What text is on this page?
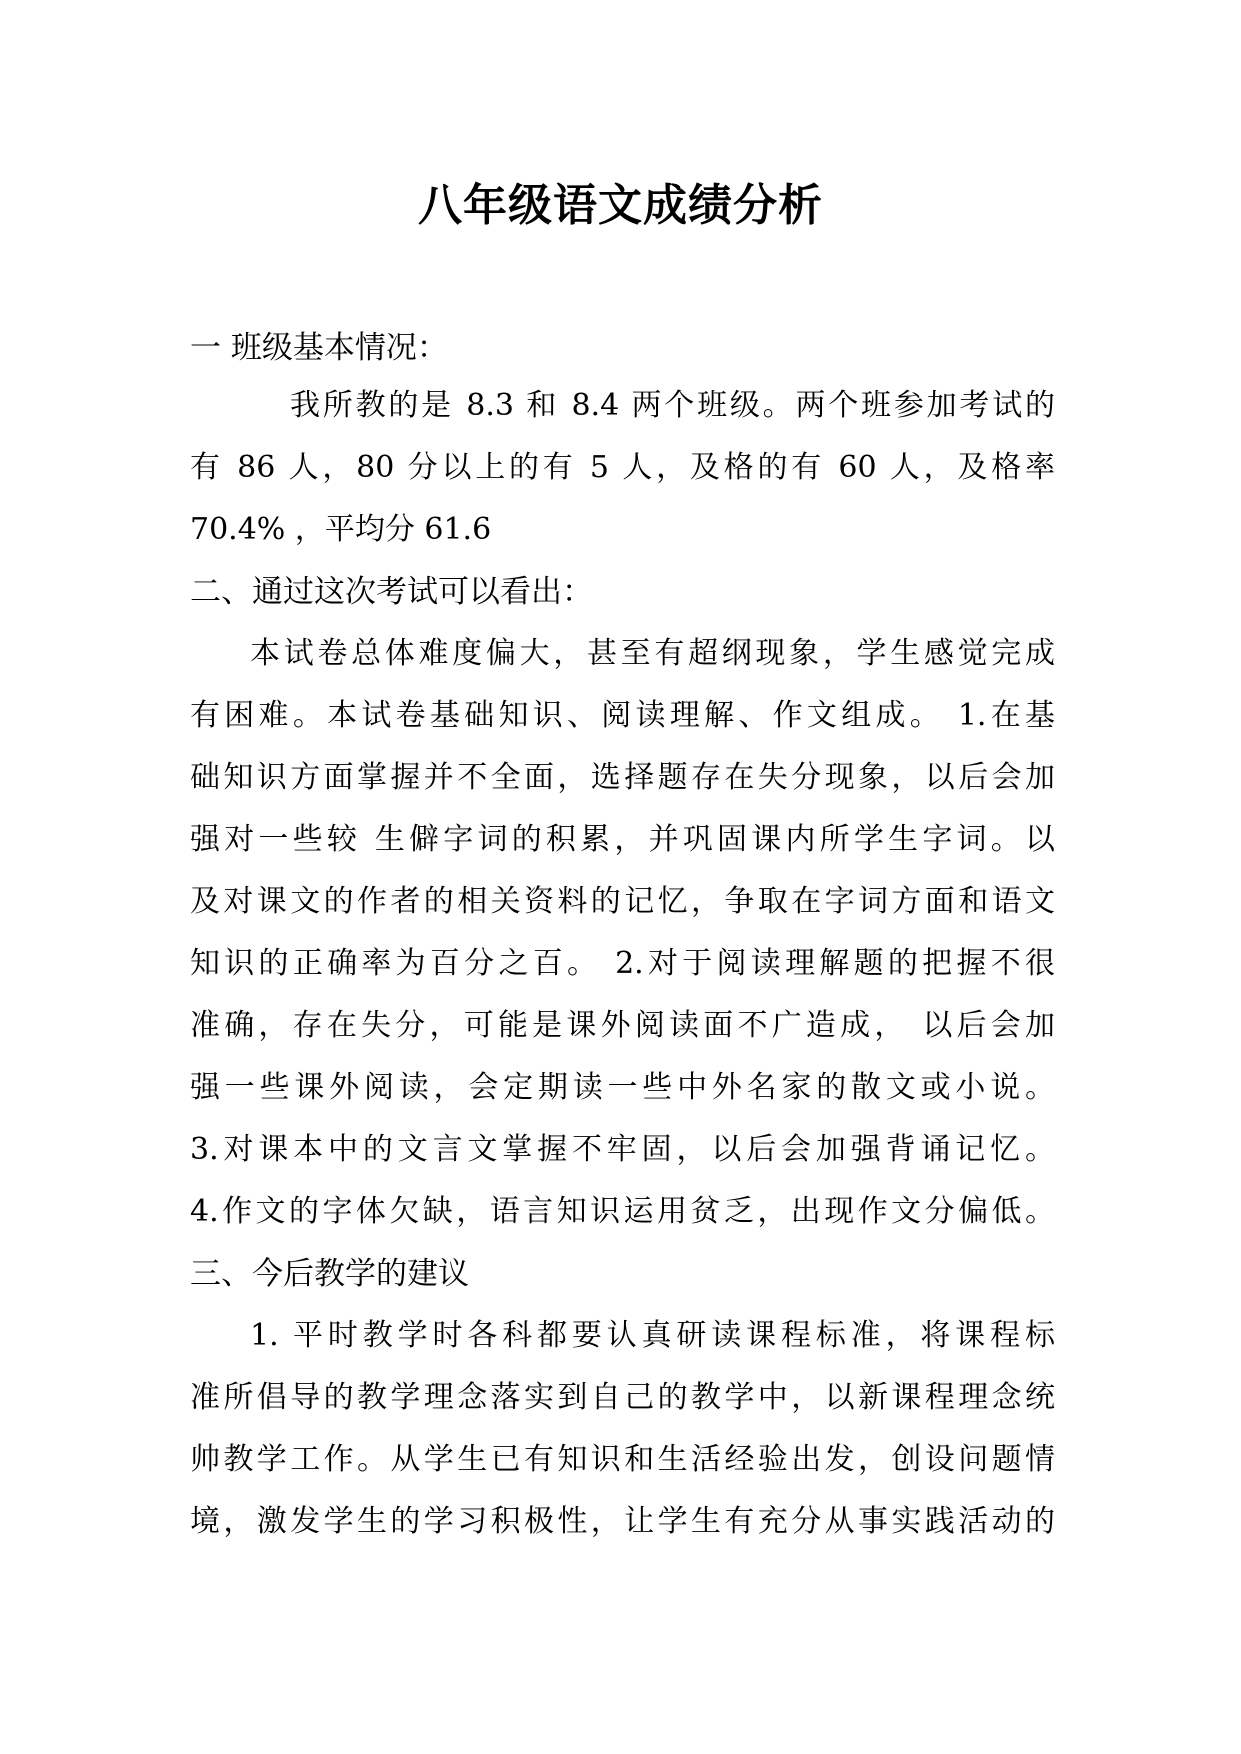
八年级语文成绩分析

一 班级基本情况：

我所教的是 8.3 和 8.4 两个班级。两个班参加考试的

有 86 人，80 分以上的有 5 人，及格的有 60 人，及格率

70.4% ，平均分 61.6

二、通过这次考试可以看出：

本试卷总体难度偏大，甚至有超纲现象，学生感觉完成

有困难。本试卷基础知识、阅读理解、作文组成。 1.在基

础知识方面掌握并不全面，选择题存在失分现象，以后会加

强对一些较 生僻字词的积累，并巩固课内所学生字词。以

及对课文的作者的相关资料的记忆，争取在字词方面和语文

知识的正确率为百分之百。 2.对于阅读理解题的把握不很

准确，存在失分，可能是课外阅读面不广造成， 以后会加

强一些课外阅读，会定期读一些中外名家的散文或小说。

3.对课本中的文言文掌握不牢固，以后会加强背诵记忆。

4.作文的字体欠缺，语言知识运用贫乏，出现作文分偏低。

三、今后教学的建议

1. 平时教学时各科都要认真研读课程标准，将课程标

准所倡导的教学理念落实到自己的教学中，以新课程理念统

帅教学工作。从学生已有知识和生活经验出发，创设问题情

境，激发学生的学习积极性，让学生有充分从事实践活动的
